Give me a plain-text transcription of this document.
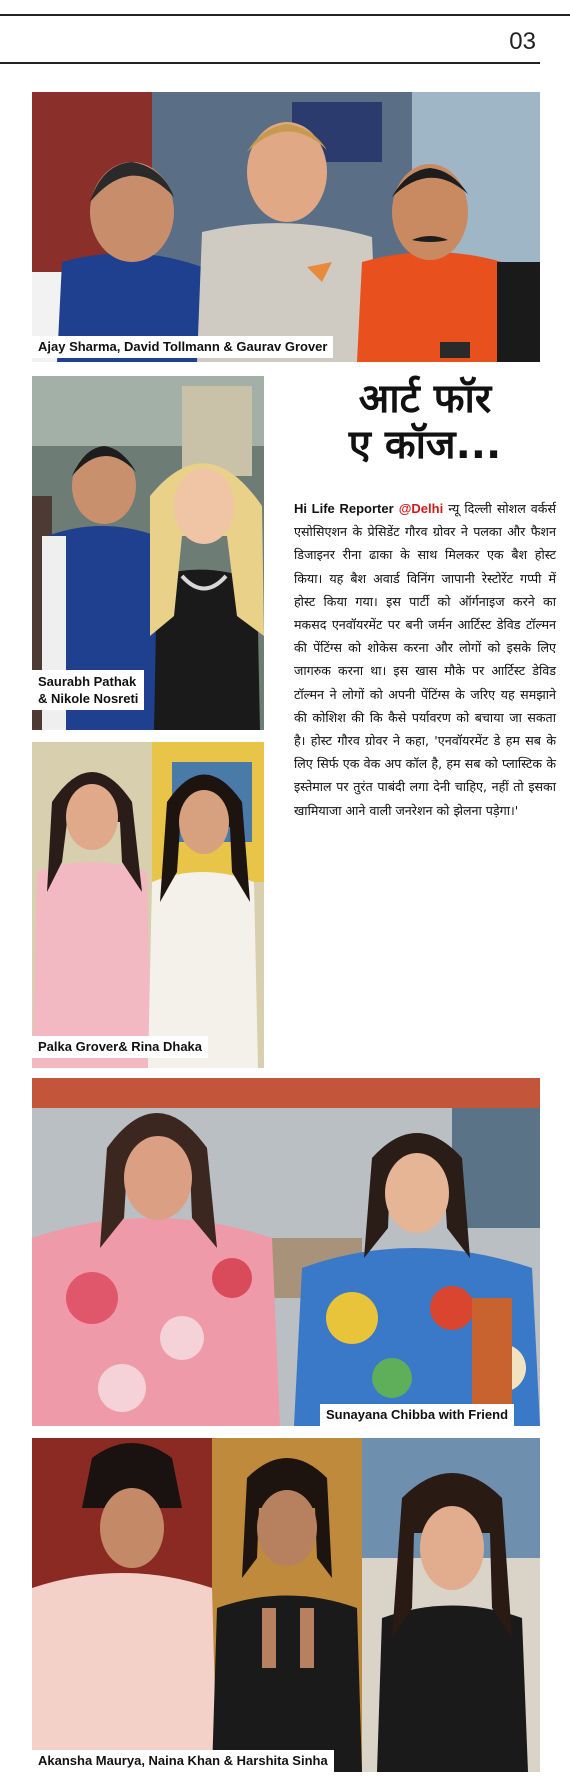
03
Ajay Sharma, David Tollmann & Gaurav Grover
Saurabh Pathak
& Nikole Nosreti
Palka Grover& Rina Dhaka
आर्ट फॉर
ए कॉज...
Hi Life Reporter @Delhi न्यू दिल्ली सोशल वर्कर्स एसोसिएशन के प्रेसिडेंट गौरव ग्रोवर ने पलका और फैशन डिजाइनर रीना ढाका के साथ मिलकर एक बैश होस्ट किया। यह बैश अवार्ड विनिंग जापानी रेस्टोरेंट गप्पी में होस्ट किया गया। इस पार्टी को ऑर्गनाइज करने का मकसद एनवॉयरमेंट पर बनी जर्मन आर्टिस्ट डेविड टॉल्मन की पेंटिंग्स को शोकेस करना और लोगों को इसके लिए जागरुक करना था। इस खास मौके पर आर्टिस्ट डेविड टॉल्मन ने लोगों को अपनी पेंटिंग्स के जरिए यह समझाने की कोशिश की कि कैसे पर्यावरण को बचाया जा सकता है। होस्ट गौरव ग्रोवर ने कहा, 'एनवॉयरमेंट डे हम सब के लिए सिर्फ एक वेक अप कॉल है, हम सब को प्लास्टिक के इस्तेमाल पर तुरंत पाबंदी लगा देनी चाहिए, नहीं तो इसका खामियाजा आने वाली जनरेशन को झेलना पड़ेगा।'
Sunayana Chibba with Friend
Akansha Maurya, Naina Khan & Harshita Sinha
